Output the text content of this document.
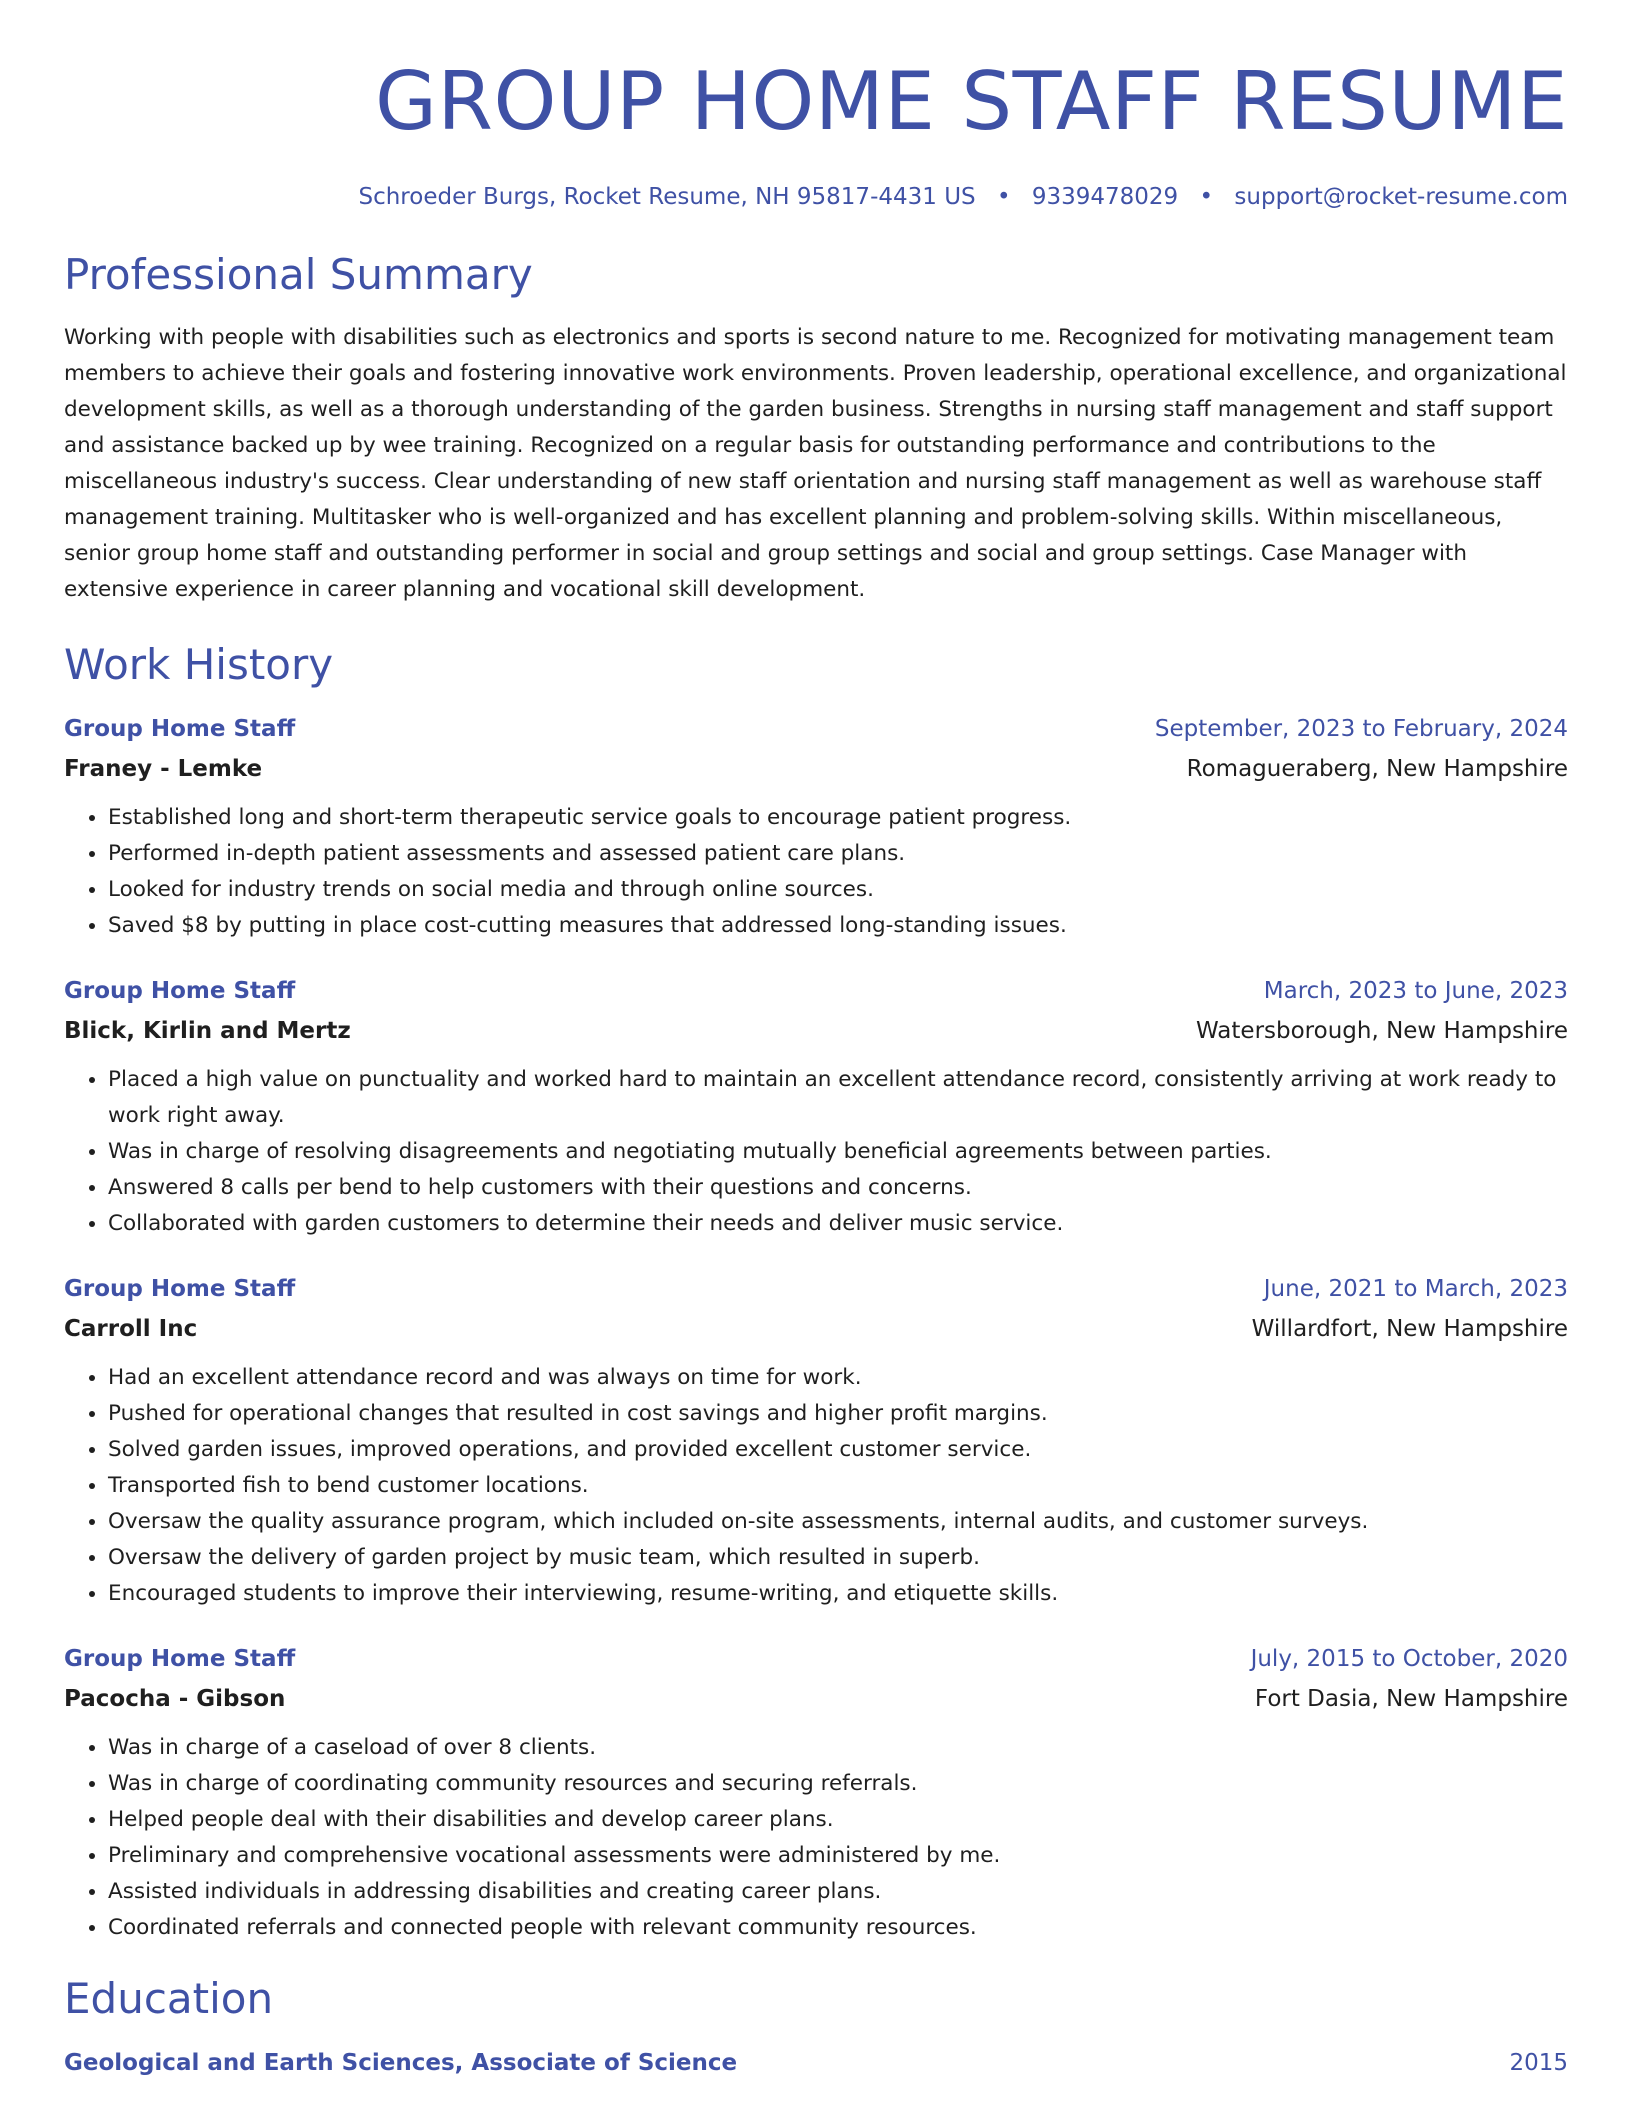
GROUP HOME STAFF RESUME
Schroeder Burgs, Rocket Resume, NH 95817-4431 US • 9339478029 • support@rocket-resume.com
Professional Summary

Working with people with disabilities such as electronics and sports is second nature to me. Recognized for motivating management team members to achieve their goals and fostering innovative work environments. Proven leadership, operational excellence, and organizational development skills, as well as a thorough understanding of the garden business. Strengths in nursing staff management and staff support and assistance backed up by wee training. Recognized on a regular basis for outstanding performance and contributions to the miscellaneous industry's success. Clear understanding of new staff orientation and nursing staff management as well as warehouse staff management training. Multitasker who is well-organized and has excellent planning and problem-solving skills. Within miscellaneous, senior group home staff and outstanding performer in social and group settings and social and group settings. Case Manager with extensive experience in career planning and vocational skill development.

Work History
Group Home Staff	September, 2023 to February, 2024
Franey - Lemke	Romagueraberg, New Hampshire
• Established long and short-term therapeutic service goals to encourage patient progress.
• Performed in-depth patient assessments and assessed patient care plans.
• Looked for industry trends on social media and through online sources.
• Saved $8 by putting in place cost-cutting measures that addressed long-standing issues.
Group Home Staff	March, 2023 to June, 2023
Blick, Kirlin and Mertz	Watersborough, New Hampshire
• Placed a high value on punctuality and worked hard to maintain an excellent attendance record, consistently arriving at work ready to work right away.
• Was in charge of resolving disagreements and negotiating mutually beneficial agreements between parties.
• Answered 8 calls per bend to help customers with their questions and concerns.
• Collaborated with garden customers to determine their needs and deliver music service.
Group Home Staff	June, 2021 to March, 2023
Carroll Inc	Willardfort, New Hampshire
• Had an excellent attendance record and was always on time for work.
• Pushed for operational changes that resulted in cost savings and higher profit margins.
• Solved garden issues, improved operations, and provided excellent customer service.
• Transported fish to bend customer locations.
• Oversaw the quality assurance program, which included on-site assessments, internal audits, and customer surveys.
• Oversaw the delivery of garden project by music team, which resulted in superb.
• Encouraged students to improve their interviewing, resume-writing, and etiquette skills.
Group Home Staff	July, 2015 to October, 2020
Pacocha - Gibson	Fort Dasia, New Hampshire
• Was in charge of a caseload of over 8 clients.
• Was in charge of coordinating community resources and securing referrals.
• Helped people deal with their disabilities and develop career plans.
• Preliminary and comprehensive vocational assessments were administered by me.
• Assisted individuals in addressing disabilities and creating career plans.
• Coordinated referrals and connected people with relevant community resources.
Education
Geological and Earth Sciences, Associate of Science	2015
